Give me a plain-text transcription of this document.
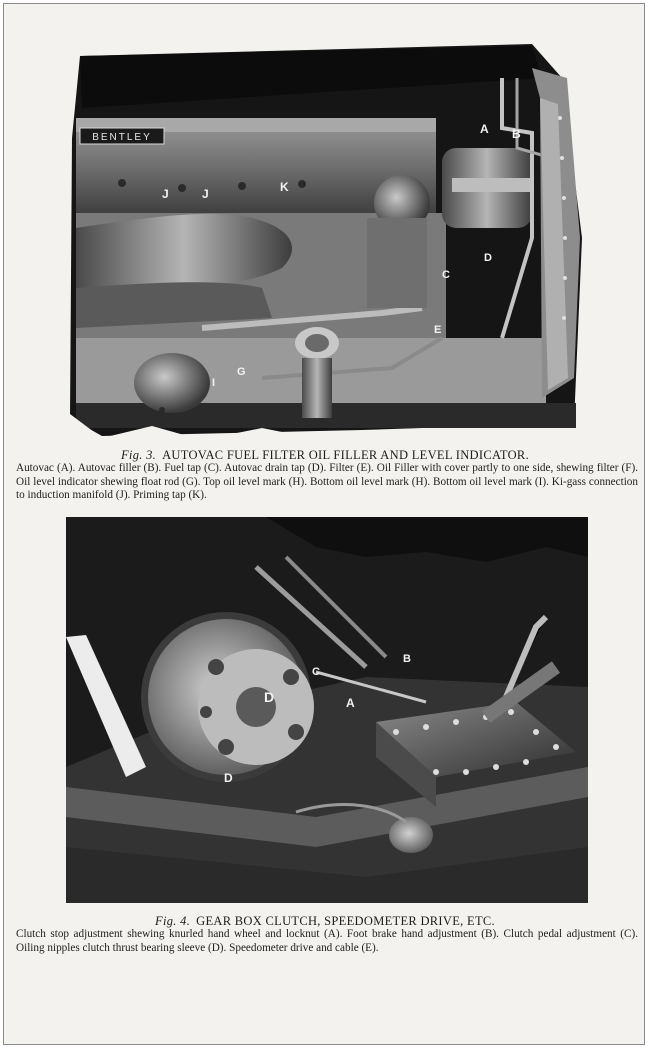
BENTLEY
A B
C
D
E
G
I
J	J	K
Fig. 3. AUTOVAC FUEL FILTER OIL FILLER AND LEVEL INDICATOR.
Autovac (A). Autovac filler (B). Fuel tap (C). Autovac drain tap (D). Filter (E). Oil Filler with cover partly to one side, shewing filter (F). Oil level indicator shewing float rod (G). Top oil level mark (H). Bottom oil level mark (H). Bottom oil level mark (I). Ki-gass connection to induction manifold (J). Priming tap (K).
B
C
A
D
D
Fig. 4. GEAR BOX CLUTCH, SPEEDOMETER DRIVE, ETC.
Clutch stop adjustment shewing knurled hand wheel and locknut (A). Foot brake hand adjustment (B). Clutch pedal adjustment (C). Oiling nipples clutch thrust bearing sleeve (D). Speedometer drive and cable (E).
